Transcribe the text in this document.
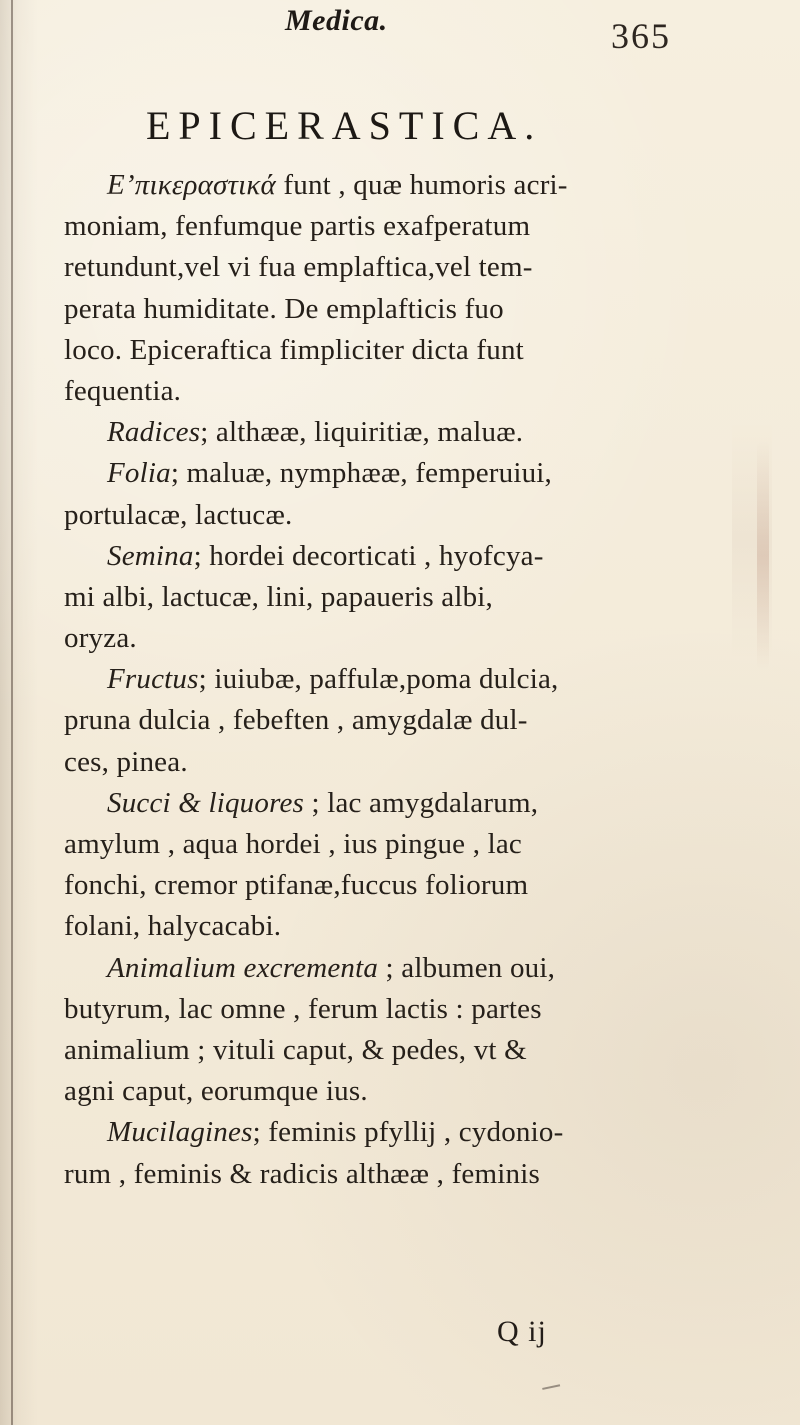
Medica.	365
EPICERASTICA.
Ε’πικεραστικά funt , quæ humoris acri-
moniam, fenfumque partis exafperatum
retundunt,vel vi fua emplaftica,vel tem-
perata humiditate. De emplafticis fuo
loco. Epiceraftica fimpliciter dicta funt
fequentia.
Radices; althææ, liquiritiæ, maluæ.
Folia; maluæ, nymphææ, femperuiui,
portulacæ, lactucæ.
Semina; hordei decorticati , hyofcya-
mi albi, lactucæ, lini, papaueris albi,
oryza.
Fructus; iuiubæ, paffulæ,poma dulcia,
pruna dulcia , febeften , amygdalæ dul-
ces, pinea.
Succi & liquores ; lac amygdalarum,
amylum , aqua hordei , ius pingue , lac
fonchi, cremor ptifanæ,fuccus foliorum
folani, halycacabi.
Animalium excrementa ; albumen oui,
butyrum, lac omne , ferum lactis : partes
animalium ; vituli caput, & pedes, vt &
agni caput, eorumque ius.
Mucilagines; feminis pfyllij , cydonio-
rum , feminis & radicis althææ , feminis
Q ij
